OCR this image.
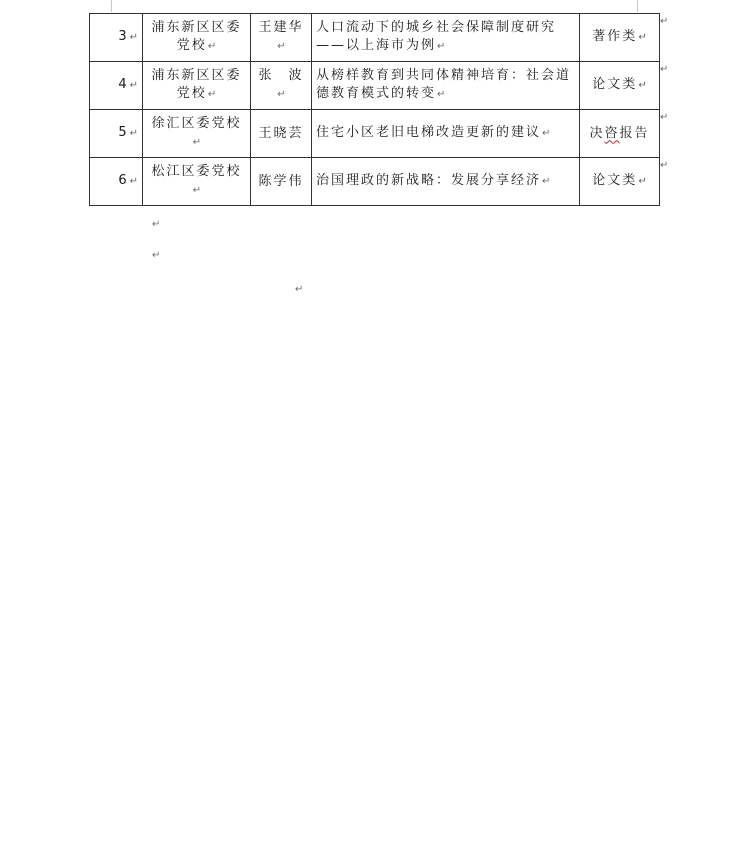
3↵	浦东新区区委
党校↵	王建华↵	人口流动下的城乡社会保障制度研究
——以上海市为例↵	著作类↵
4↵	浦东新区区委
党校↵	张　波↵	从榜样教育到共同体精神培育：社会道
德教育模式的转变↵	论文类↵
5↵	徐汇区委党校↵	王晓芸	住宅小区老旧电梯改造更新的建议↵	决咨报告
6↵	松江区委党校↵	陈学伟	治国理政的新战略：发展分享经济↵	论文类↵
↵
↵
↵
↵
↵
↵
↵
